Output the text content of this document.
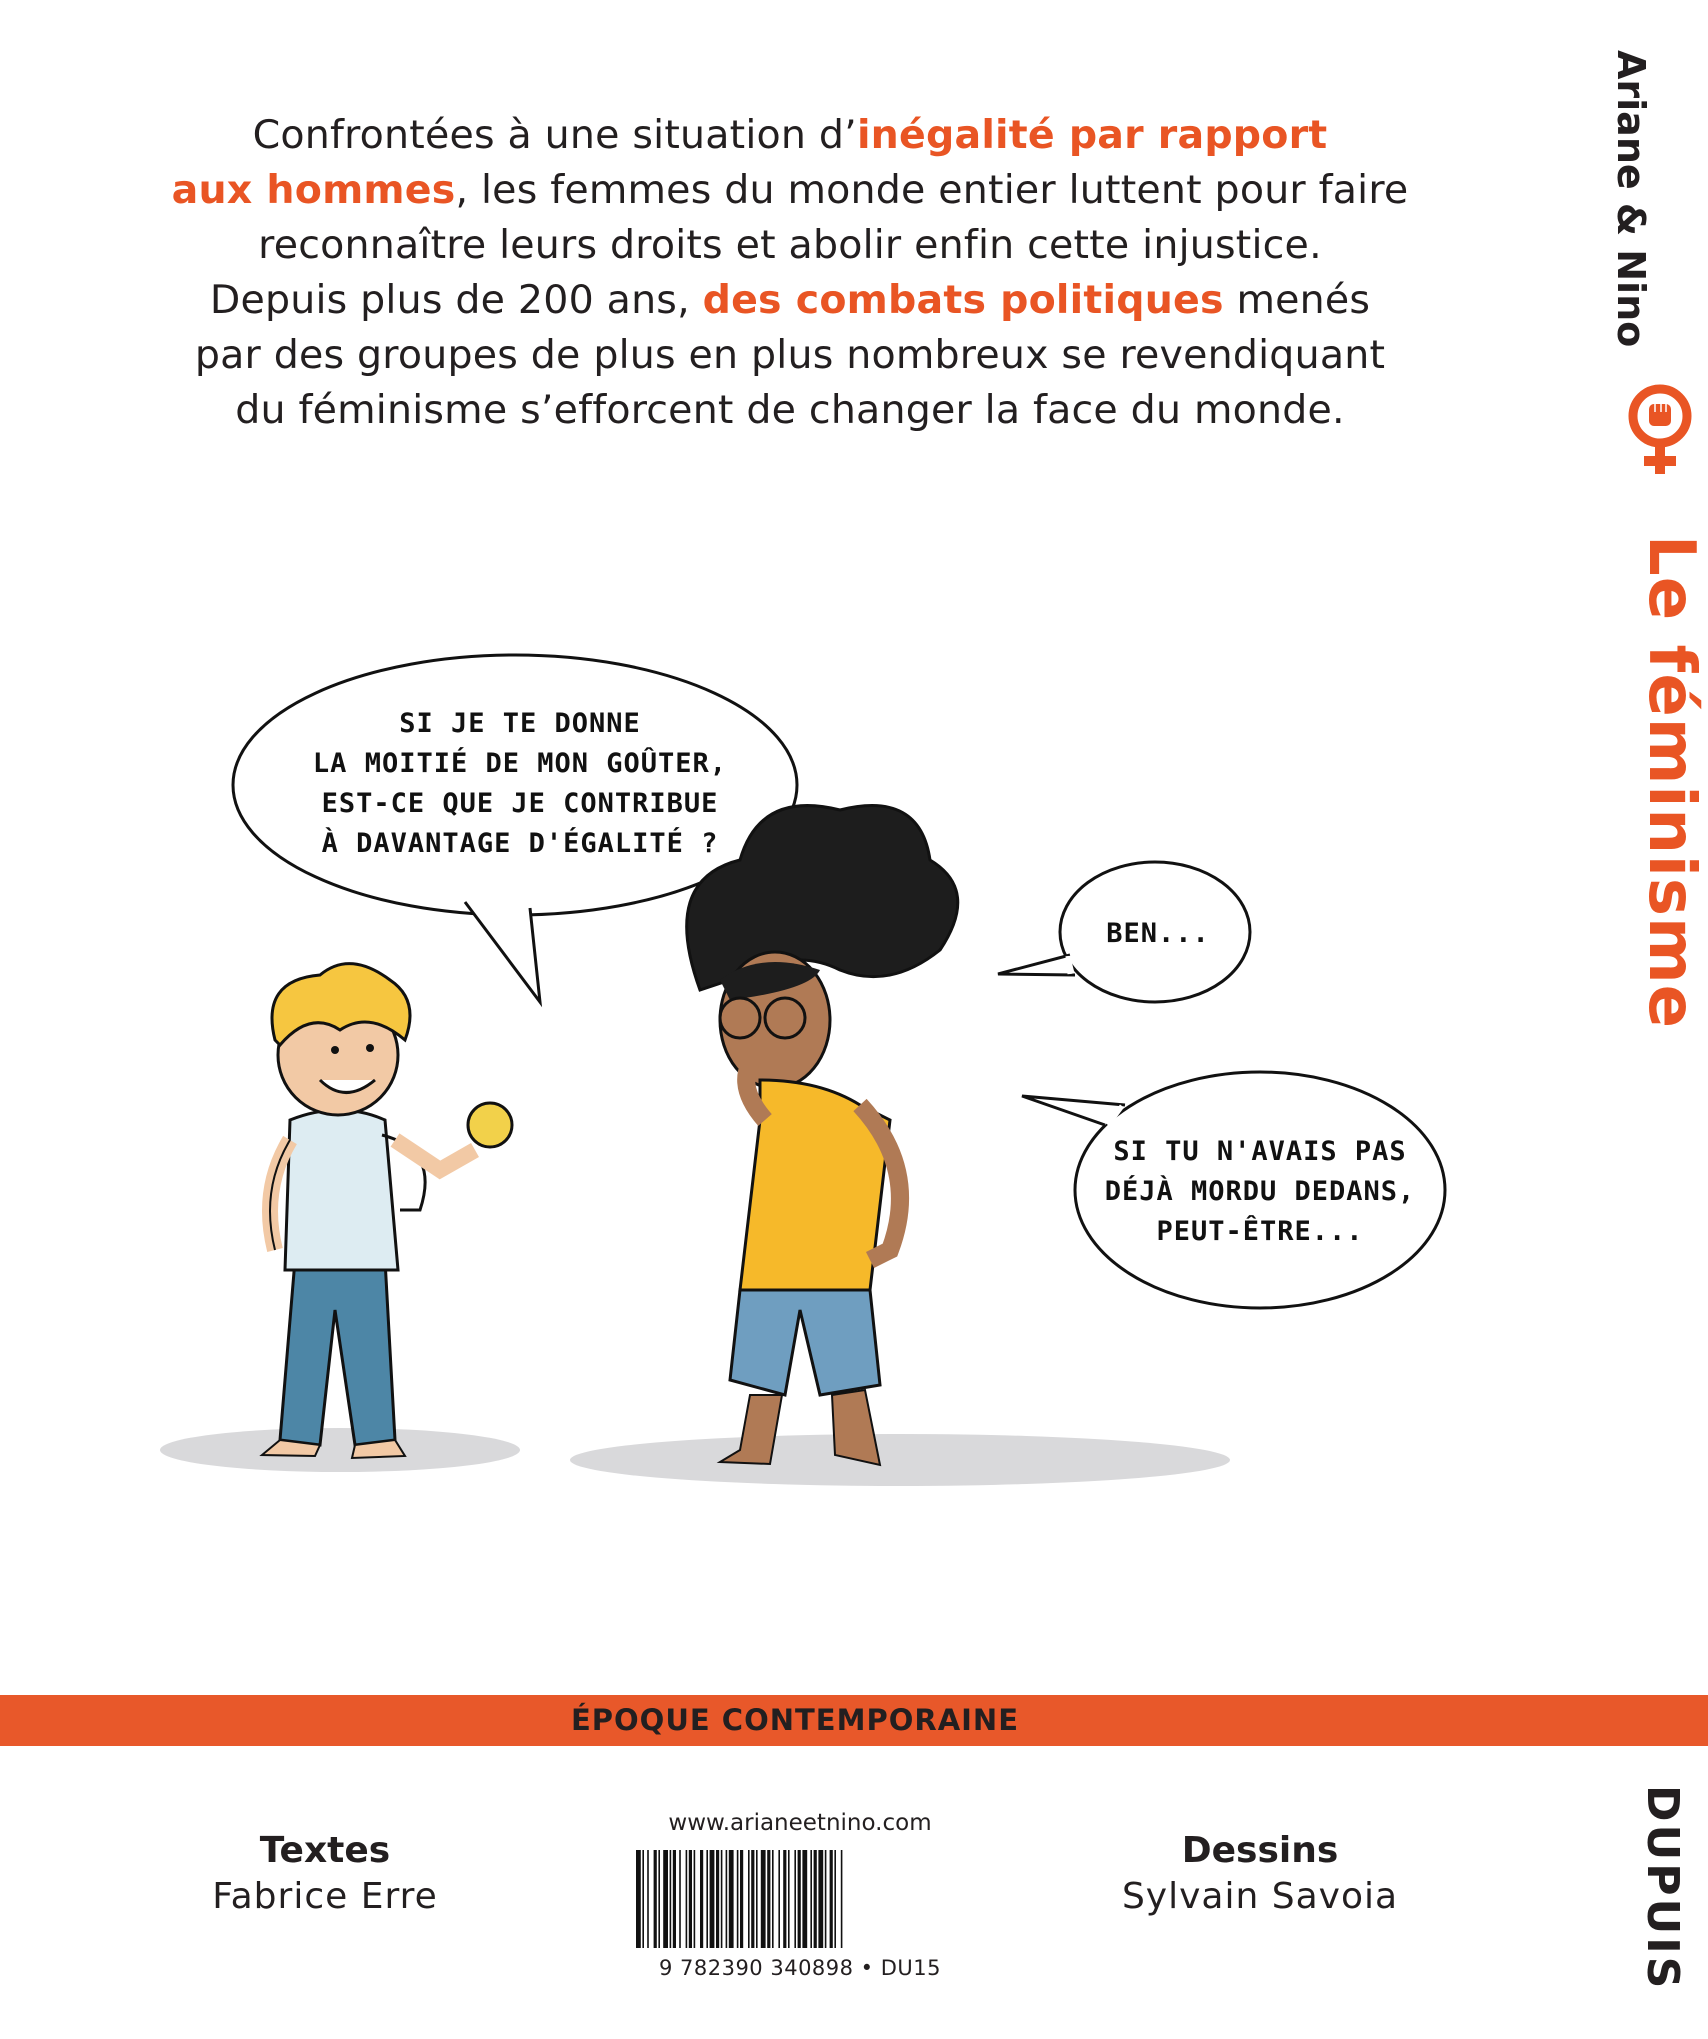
Confrontées à une situation d’inégalité par rapport
aux hommes, les femmes du monde entier luttent pour faire
reconnaître leurs droits et abolir enfin cette injustice.
Depuis plus de 200 ans, des combats politiques menés
par des groupes de plus en plus nombreux se revendiquant
du féminisme s’efforcent de changer la face du monde.
Ariane & Nino
Le féminisme
DUPUIS
SI JE TE DONNE
LA MOITIÉ DE MON GOÛTER,
EST-CE QUE JE CONTRIBUE
À DAVANTAGE D'ÉGALITÉ ?
BEN...
SI TU N'AVAIS PAS
DÉJÀ MORDU DEDANS,
PEUT-ÊTRE...
ÉPOQUE CONTEMPORAINE
Textes
Fabrice Erre
Dessins
Sylvain Savoia
www.arianeetnino.com
9 782390 340898 • DU15
